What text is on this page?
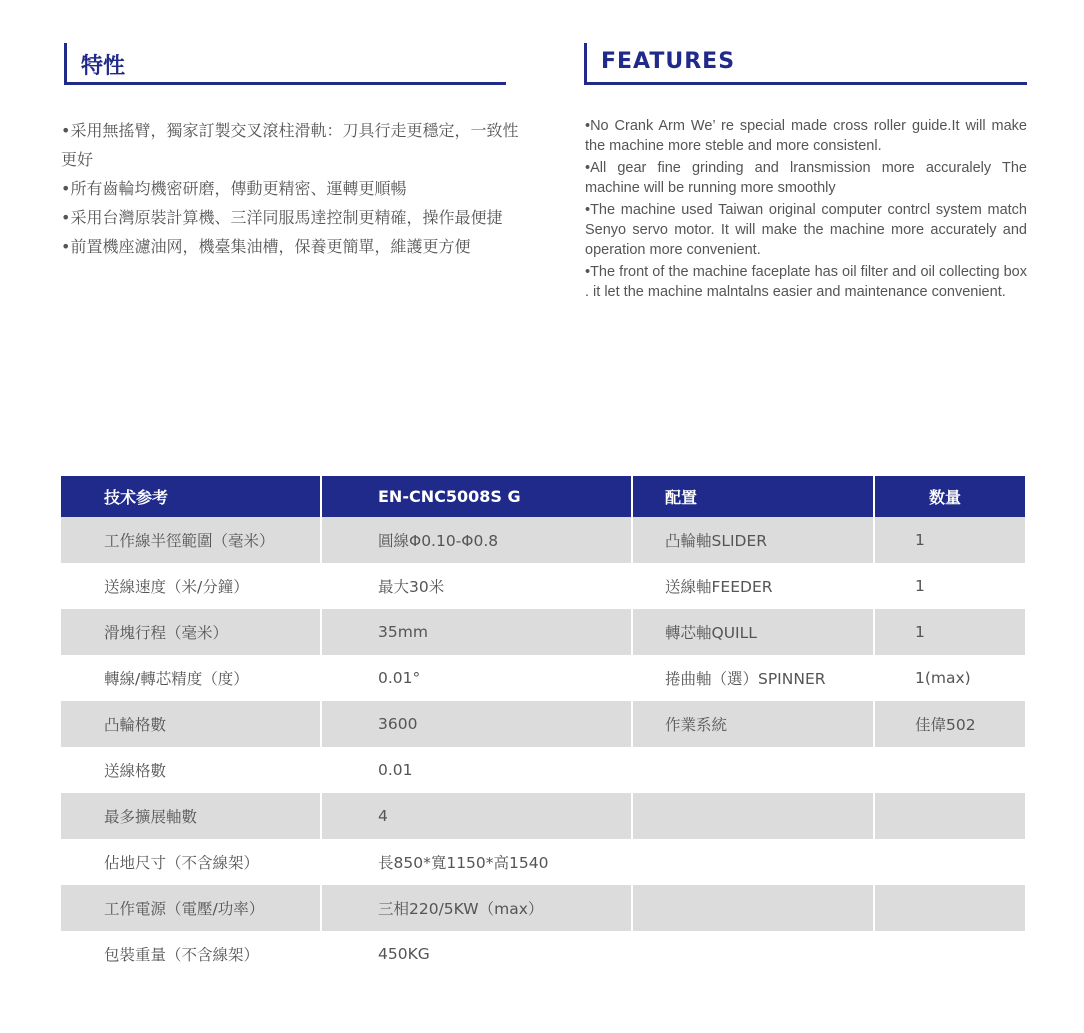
特性	FEATURES
•采用無搖臂，獨家訂製交叉滾柱滑軌：刀具行走更穩定，一致性更好
•所有齒輪均機密研磨，傳動更精密、運轉更順暢
•采用台灣原裝計算機、三洋同服馬達控制更精確，操作最便捷
•前置機座濾油网，機臺集油槽，保養更簡單，維護更方便
•No Crank Arm We’ re special made cross roller guide.It will make the machine more steble and more consistenl.
•All gear fine grinding and lransmission more accuralely The machine will be running more smoothly
•The machine used Taiwan original computer contrcl system match Senyo servo motor. It will make the machine more accurately and operation more convenient.
•The front of the machine faceplate has oil filter and oil collecting box . it let the machine malntalns easier and maintenance convenient.
技术参考	EN-CNC5008S G	配置	数量
工作線半徑範圍（毫米）	圓線Φ0.10-Φ0.8	凸輪軸SLIDER	1
送線速度（米/分鐘）	最大30米	送線軸FEEDER	1
滑塊行程（毫米）	35mm	轉芯軸QUILL	1
轉線/轉芯精度（度）	0.01°	捲曲軸（選）SPINNER	1(max)
凸輪格數	3600	作業系統	佳偉502
送線格數	0.01		
最多擴展軸數	4		
佔地尺寸（不含線架）	長850*寬1150*高1540		
工作電源（電壓/功率）	三相220/5KW（max）		
包裝重量（不含線架）	450KG		
